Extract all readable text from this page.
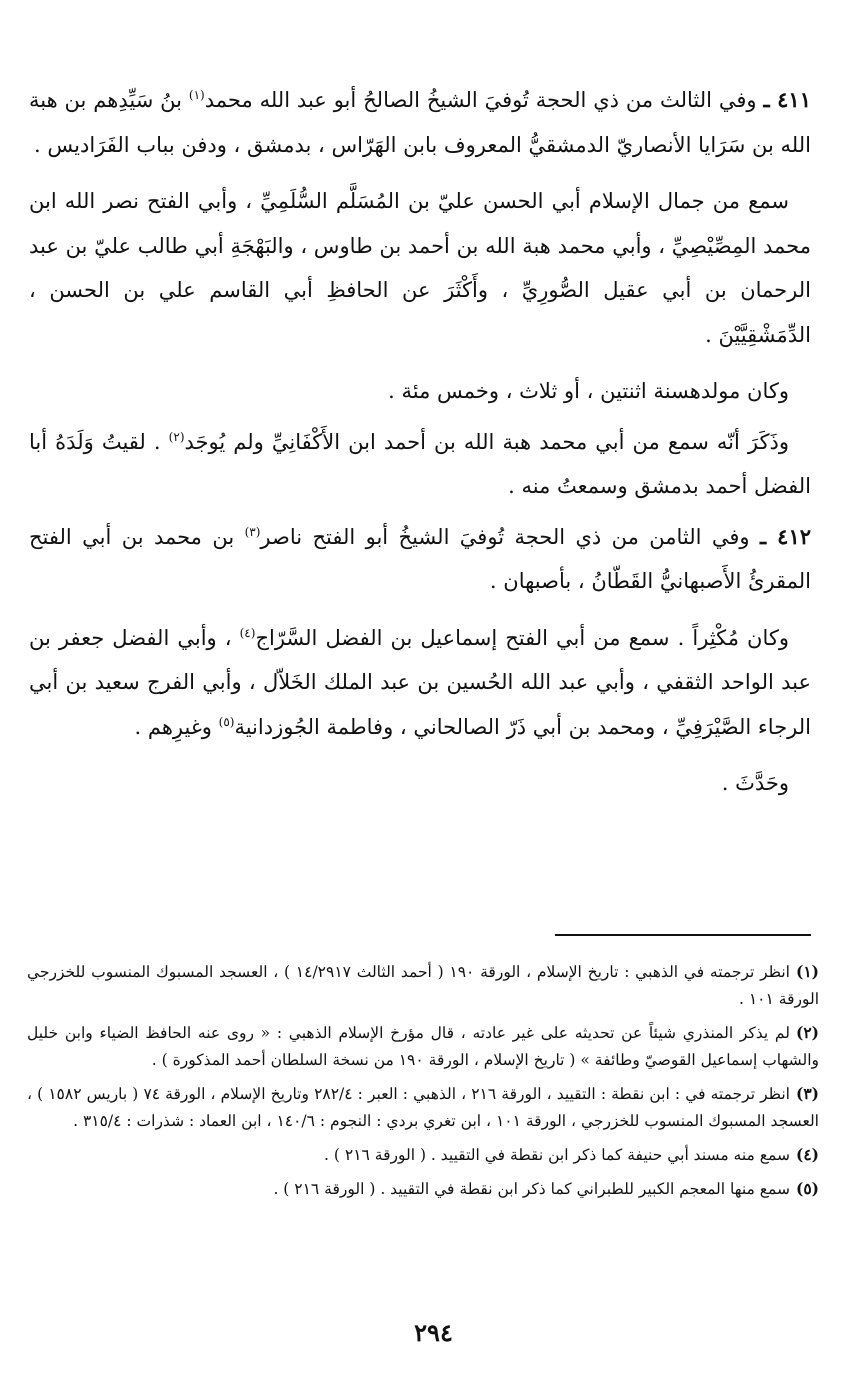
٤١١ ـ وفي الثالث من ذي الحجة تُوفيَ الشيخُ الصالحُ أبو عبد الله محمد$^{(١)}$ بنُ سَيِّدِهم بن هبة الله بن سَرَايا الأنصاريّ الدمشقيُّ المعروف بابن الهَرّاس ، بدمشق ، ودفن بباب الفَرَاديس .

سمع من جمال الإسلام أبي الحسن عليّ بن المُسَلَّم السُّلَمِيِّ ، وأبي الفتح نصر الله ابن محمد المِصِّيْصِيِّ ، وأبي محمد هبة الله بن أحمد بن طاوس ، والبَهْجَةِ أبي طالب عليّ بن عبد الرحمان بن أبي عقيل الصُّورِيِّ ، وأَكْثَرَ عن الحافظِ أبي القاسم علي بن الحسن ، الدِّمَشْقِيَّيْنَ .

وكان مولدهسنة اثنتين ، أو ثلاث ، وخمس مئة .

وذَكَرَ أنّه سمع من أبي محمد هبة الله بن أحمد ابن الأَكْفَانِيِّ ولم يُوجَد$^{(٢)}$ . لقيتُ وَلَدَهُ أبا الفضل أحمد بدمشق وسمعتُ منه .

٤١٢ ـ وفي الثامن من ذي الحجة تُوفيَ الشيخُ أبو الفتح ناصر$^{(٣)}$ بن محمد بن أبي الفتح المقرئُ الأَصبهانيُّ القَطّانُ ، بأصبهان .

وكان مُكْثِراً . سمع من أبي الفتح إسماعيل بن الفضل السَّرّاج$^{(٤)}$ ، وأبي الفضل جعفر بن عبد الواحد الثقفي ، وأبي عبد الله الحُسين بن عبد الملك الخَلاّل ، وأبي الفرج سعيد بن أبي الرجاء الصَّيْرَفِيِّ ، ومحمد بن أبي ذَرّ الصالحاني ، وفاطمة الجُوزدانية$^{(٥)}$ وغيرِهم .

وحَدَّثَ .

(١)انظر ترجمته في الذهبي : تاريخ الإسلام ، الورقة ١٩٠ ( أحمد الثالث ١٤/٢٩١٧ ) ، العسجد المسبوك المنسوب للخزرجي الورقة ١٠١ .

(٢)لم يذكر المنذري شيئاً عن تحديثه على غير عادته ، قال مؤرخ الإسلام الذهبي : « روى عنه الحافظ الضياء وابن خليل والشهاب إسماعيل القوصيّ وطائفة » ( تاريخ الإسلام ، الورقة ١٩٠ من نسخة السلطان أحمد المذكورة ) .

(٣)انظر ترجمته في : ابن نقطة : التقييد ، الورقة ٢١٦ ، الذهبي : العبر : ٢٨٢/٤ وتاريخ الإسلام ، الورقة ٧٤ ( باريس ١٥٨٢ ) ، العسجد المسبوك المنسوب للخزرجي ، الورقة ١٠١ ، ابن تغري بردي : النجوم : ١٤٠/٦ ، ابن العماد : شذرات : ٣١٥/٤ .

(٤)سمع منه مسند أبي حنيفة كما ذكر ابن نقطة في التقييد . ( الورقة ٢١٦ ) .

(٥)سمع منها المعجم الكبير للطبراني كما ذكر ابن نقطة في التقييد . ( الورقة ٢١٦ ) .

٢٩٤
